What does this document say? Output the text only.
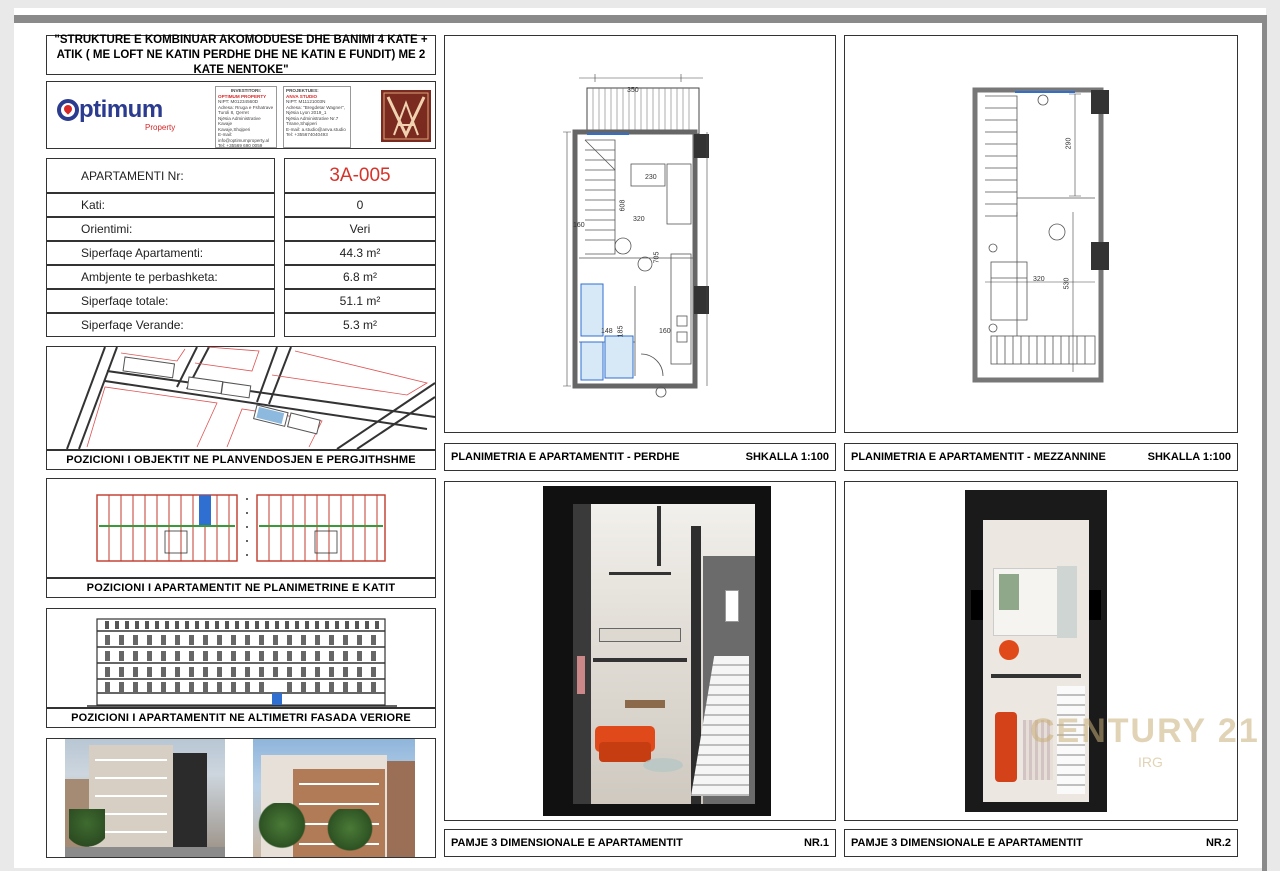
"STRUKTURE E KOMBINUAR AKOMODUESE DHE BANIMI 4 KATE + ATIK ( ME LOFT NE KATIN PERDHE DHE NE KATIN E FUNDIT) ME 2 KATE NENTOKE"
ptimum
Property
INVESTITORI:
OPTIMUM PROPERTY
NIPT: M01234560D
Adresa: Rruga e Fshatrave
Turoli 8, Qerret
Njësia Administrative Kavaje
Kavaje,Shqiperi
E-mail: info@optimumproperty.al
Tel: +35569 690 0059
PROJEKTUES:
ANVA STUDIO
NIPT: M11121003N
Adresa: "Bregdetar Wagner",
Njësia Lyon 2019_1
Njësia Administrative Nr.7
Tirane,Shqiperi
E-mail: a.studio@anva.studio
Tel: +355674040493
APARTAMENTI Nr:	3A-005
Kati:	0
Orientimi:	Veri
Siperfaqe Apartamenti:	44.3 m²
Ambjente te perbashketa:	6.8 m²
Siperfaqe totale:	51.1 m²
Siperfaqe Verande:	5.3 m²
POZICIONI I OBJEKTIT NE PLANVENDOSJEN E PERGJITHSHME
POZICIONI I APARTAMENTIT NE PLANIMETRINE E KATIT
POZICIONI I APARTAMENTIT NE ALTIMETRI FASADA VERIORE
350
230
320
608
705
148 185	160
160
PLANIMETRIA E APARTAMENTIT - PERDHE	SHKALLA 1:100
290
320	530
PLANIMETRIA E APARTAMENTIT - MEZZANNINE	SHKALLA 1:100
PAMJE 3 DIMENSIONALE E APARTAMENTIT	NR.1 PAMJE 3 DIMENSIONALE E APARTAMENTIT	NR.2
CENTURY 21
IRG
